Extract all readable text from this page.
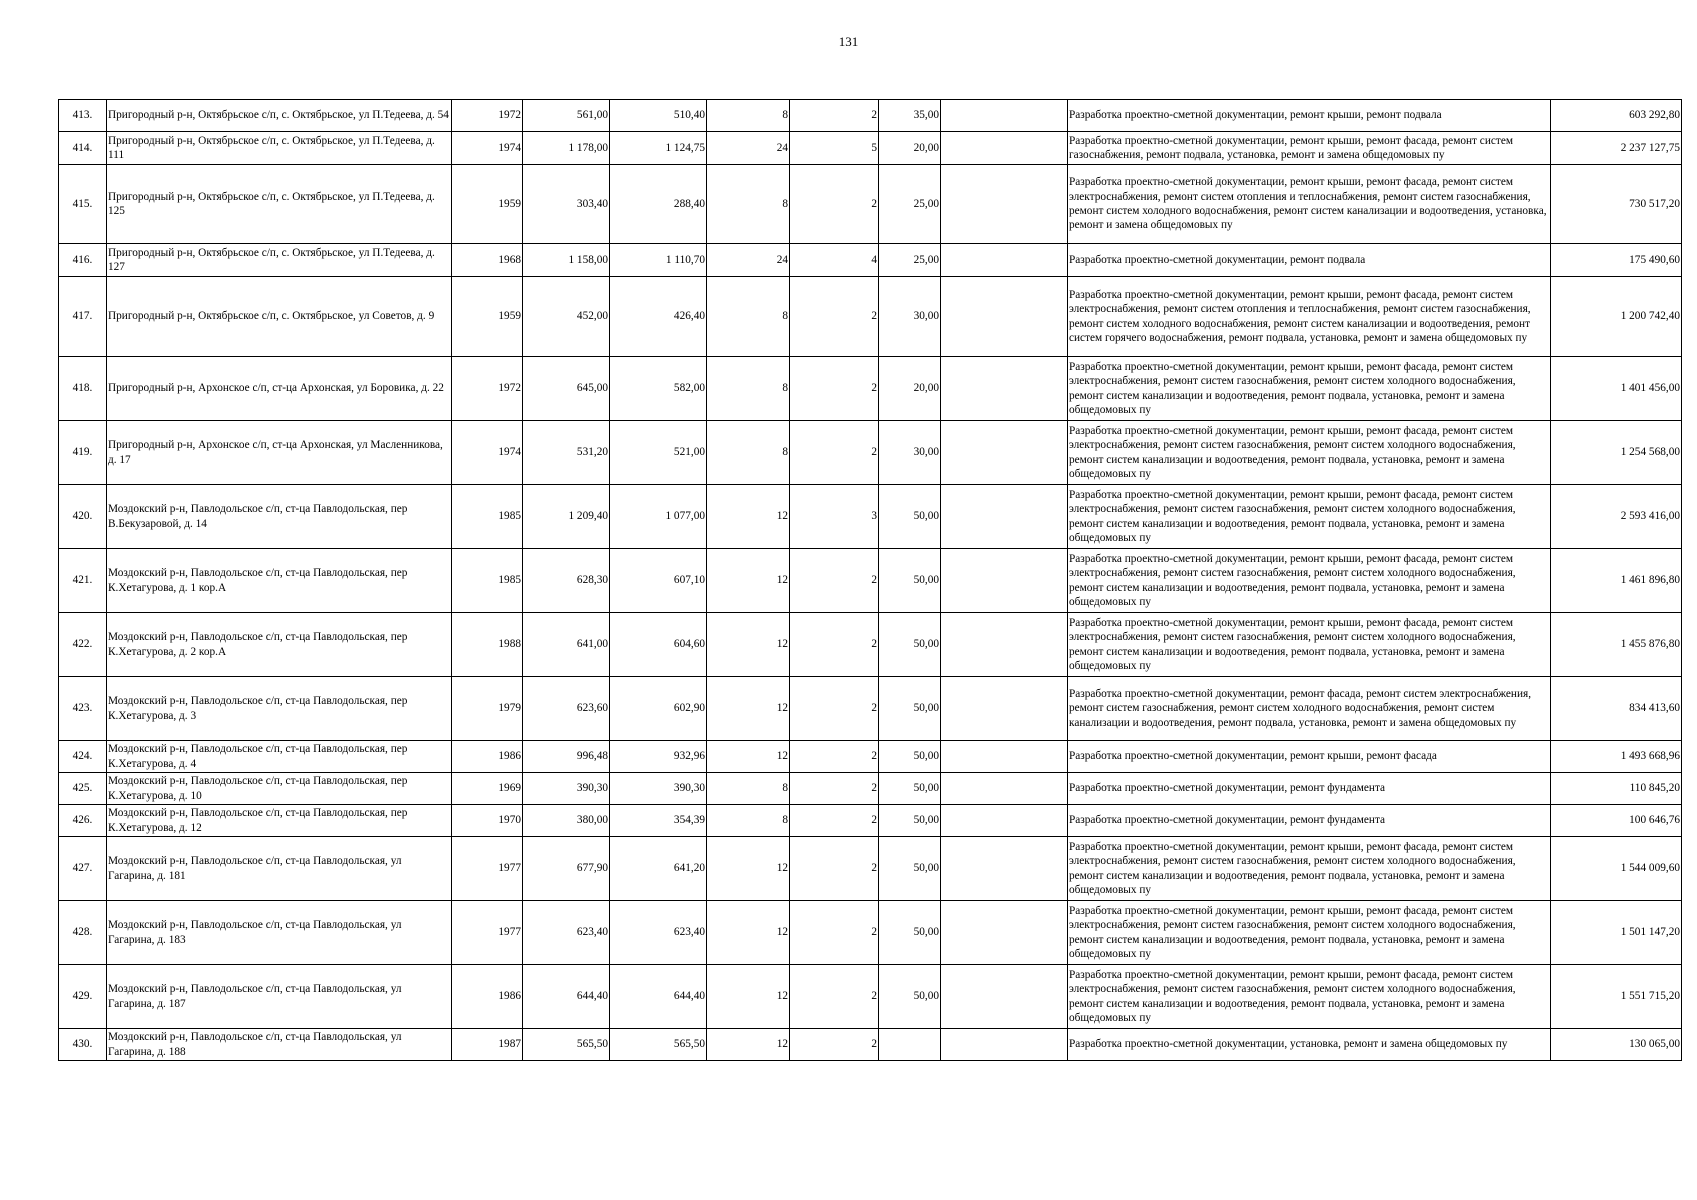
131
413.	Пригородный р-н, Октябрьское с/п, с. Октябрьское, ул П.Тедеева, д. 54	1972	561,00	510,40	8	2	35,00		Разработка проектно-сметной документации, ремонт крыши, ремонт подвала	603 292,80
414.	Пригородный р-н, Октябрьское с/п, с. Октябрьское, ул П.Тедеева, д. 111	1974	1 178,00	1 124,75	24	5	20,00		Разработка проектно-сметной документации, ремонт крыши, ремонт фасада, ремонт систем газоснабжения, ремонт подвала, установка, ремонт и замена общедомовых пу	2 237 127,75
415.	Пригородный р-н, Октябрьское с/п, с. Октябрьское, ул П.Тедеева, д. 125	1959	303,40	288,40	8	2	25,00		Разработка проектно-сметной документации, ремонт крыши, ремонт фасада, ремонт систем электроснабжения, ремонт систем отопления и теплоснабжения, ремонт систем газоснабжения, ремонт систем холодного водоснабжения, ремонт систем канализации и водоотведения, установка, ремонт и замена общедомовых пу	730 517,20
416.	Пригородный р-н, Октябрьское с/п, с. Октябрьское, ул П.Тедеева, д. 127	1968	1 158,00	1 110,70	24	4	25,00		Разработка проектно-сметной документации, ремонт подвала	175 490,60
417.	Пригородный р-н, Октябрьское с/п, с. Октябрьское, ул Советов, д. 9	1959	452,00	426,40	8	2	30,00		Разработка проектно-сметной документации, ремонт крыши, ремонт фасада, ремонт систем электроснабжения, ремонт систем отопления и теплоснабжения, ремонт систем газоснабжения, ремонт систем холодного водоснабжения, ремонт систем канализации и водоотведения, ремонт систем горячего водоснабжения, ремонт подвала, установка, ремонт и замена общедомовых пу	1 200 742,40
418.	Пригородный р-н, Архонское с/п, ст-ца Архонская, ул Боровика, д. 22	1972	645,00	582,00	8	2	20,00		Разработка проектно-сметной документации, ремонт крыши, ремонт фасада, ремонт систем электроснабжения, ремонт систем газоснабжения, ремонт систем холодного водоснабжения, ремонт систем канализации и водоотведения, ремонт подвала, установка, ремонт и замена общедомовых пу	1 401 456,00
419.	Пригородный р-н, Архонское с/п, ст-ца Архонская, ул Масленникова, д. 17	1974	531,20	521,00	8	2	30,00		Разработка проектно-сметной документации, ремонт крыши, ремонт фасада, ремонт систем электроснабжения, ремонт систем газоснабжения, ремонт систем холодного водоснабжения, ремонт систем канализации и водоотведения, ремонт подвала, установка, ремонт и замена общедомовых пу	1 254 568,00
420.	Моздокский р-н, Павлодольское с/п, ст-ца Павлодольская, пер В.Бекузаровой, д. 14	1985	1 209,40	1 077,00	12	3	50,00		Разработка проектно-сметной документации, ремонт крыши, ремонт фасада, ремонт систем электроснабжения, ремонт систем газоснабжения, ремонт систем холодного водоснабжения, ремонт систем канализации и водоотведения, ремонт подвала, установка, ремонт и замена общедомовых пу	2 593 416,00
421.	Моздокский р-н, Павлодольское с/п, ст-ца Павлодольская, пер К.Хетагурова, д. 1 кор.А	1985	628,30	607,10	12	2	50,00		Разработка проектно-сметной документации, ремонт крыши, ремонт фасада, ремонт систем электроснабжения, ремонт систем газоснабжения, ремонт систем холодного водоснабжения, ремонт систем канализации и водоотведения, ремонт подвала, установка, ремонт и замена общедомовых пу	1 461 896,80
422.	Моздокский р-н, Павлодольское с/п, ст-ца Павлодольская, пер К.Хетагурова, д. 2 кор.А	1988	641,00	604,60	12	2	50,00		Разработка проектно-сметной документации, ремонт крыши, ремонт фасада, ремонт систем электроснабжения, ремонт систем газоснабжения, ремонт систем холодного водоснабжения, ремонт систем канализации и водоотведения, ремонт подвала, установка, ремонт и замена общедомовых пу	1 455 876,80
423.	Моздокский р-н, Павлодольское с/п, ст-ца Павлодольская, пер К.Хетагурова, д. 3	1979	623,60	602,90	12	2	50,00		Разработка проектно-сметной документации, ремонт фасада, ремонт систем электроснабжения, ремонт систем газоснабжения, ремонт систем холодного водоснабжения, ремонт систем канализации и водоотведения, ремонт подвала, установка, ремонт и замена общедомовых пу	834 413,60
424.	Моздокский р-н, Павлодольское с/п, ст-ца Павлодольская, пер К.Хетагурова, д. 4	1986	996,48	932,96	12	2	50,00		Разработка проектно-сметной документации, ремонт крыши, ремонт фасада	1 493 668,96
425.	Моздокский р-н, Павлодольское с/п, ст-ца Павлодольская, пер К.Хетагурова, д. 10	1969	390,30	390,30	8	2	50,00		Разработка проектно-сметной документации, ремонт фундамента	110 845,20
426.	Моздокский р-н, Павлодольское с/п, ст-ца Павлодольская, пер К.Хетагурова, д. 12	1970	380,00	354,39	8	2	50,00		Разработка проектно-сметной документации, ремонт фундамента	100 646,76
427.	Моздокский р-н, Павлодольское с/п, ст-ца Павлодольская, ул Гагарина, д. 181	1977	677,90	641,20	12	2	50,00		Разработка проектно-сметной документации, ремонт крыши, ремонт фасада, ремонт систем электроснабжения, ремонт систем газоснабжения, ремонт систем холодного водоснабжения, ремонт систем канализации и водоотведения, ремонт подвала, установка, ремонт и замена общедомовых пу	1 544 009,60
428.	Моздокский р-н, Павлодольское с/п, ст-ца Павлодольская, ул Гагарина, д. 183	1977	623,40	623,40	12	2	50,00		Разработка проектно-сметной документации, ремонт крыши, ремонт фасада, ремонт систем электроснабжения, ремонт систем газоснабжения, ремонт систем холодного водоснабжения, ремонт систем канализации и водоотведения, ремонт подвала, установка, ремонт и замена общедомовых пу	1 501 147,20
429.	Моздокский р-н, Павлодольское с/п, ст-ца Павлодольская, ул Гагарина, д. 187	1986	644,40	644,40	12	2	50,00		Разработка проектно-сметной документации, ремонт крыши, ремонт фасада, ремонт систем электроснабжения, ремонт систем газоснабжения, ремонт систем холодного водоснабжения, ремонт систем канализации и водоотведения, ремонт подвала, установка, ремонт и замена общедомовых пу	1 551 715,20
430.	Моздокский р-н, Павлодольское с/п, ст-ца Павлодольская, ул Гагарина, д. 188	1987	565,50	565,50	12	2			Разработка проектно-сметной документации, установка, ремонт и замена общедомовых пу	130 065,00
